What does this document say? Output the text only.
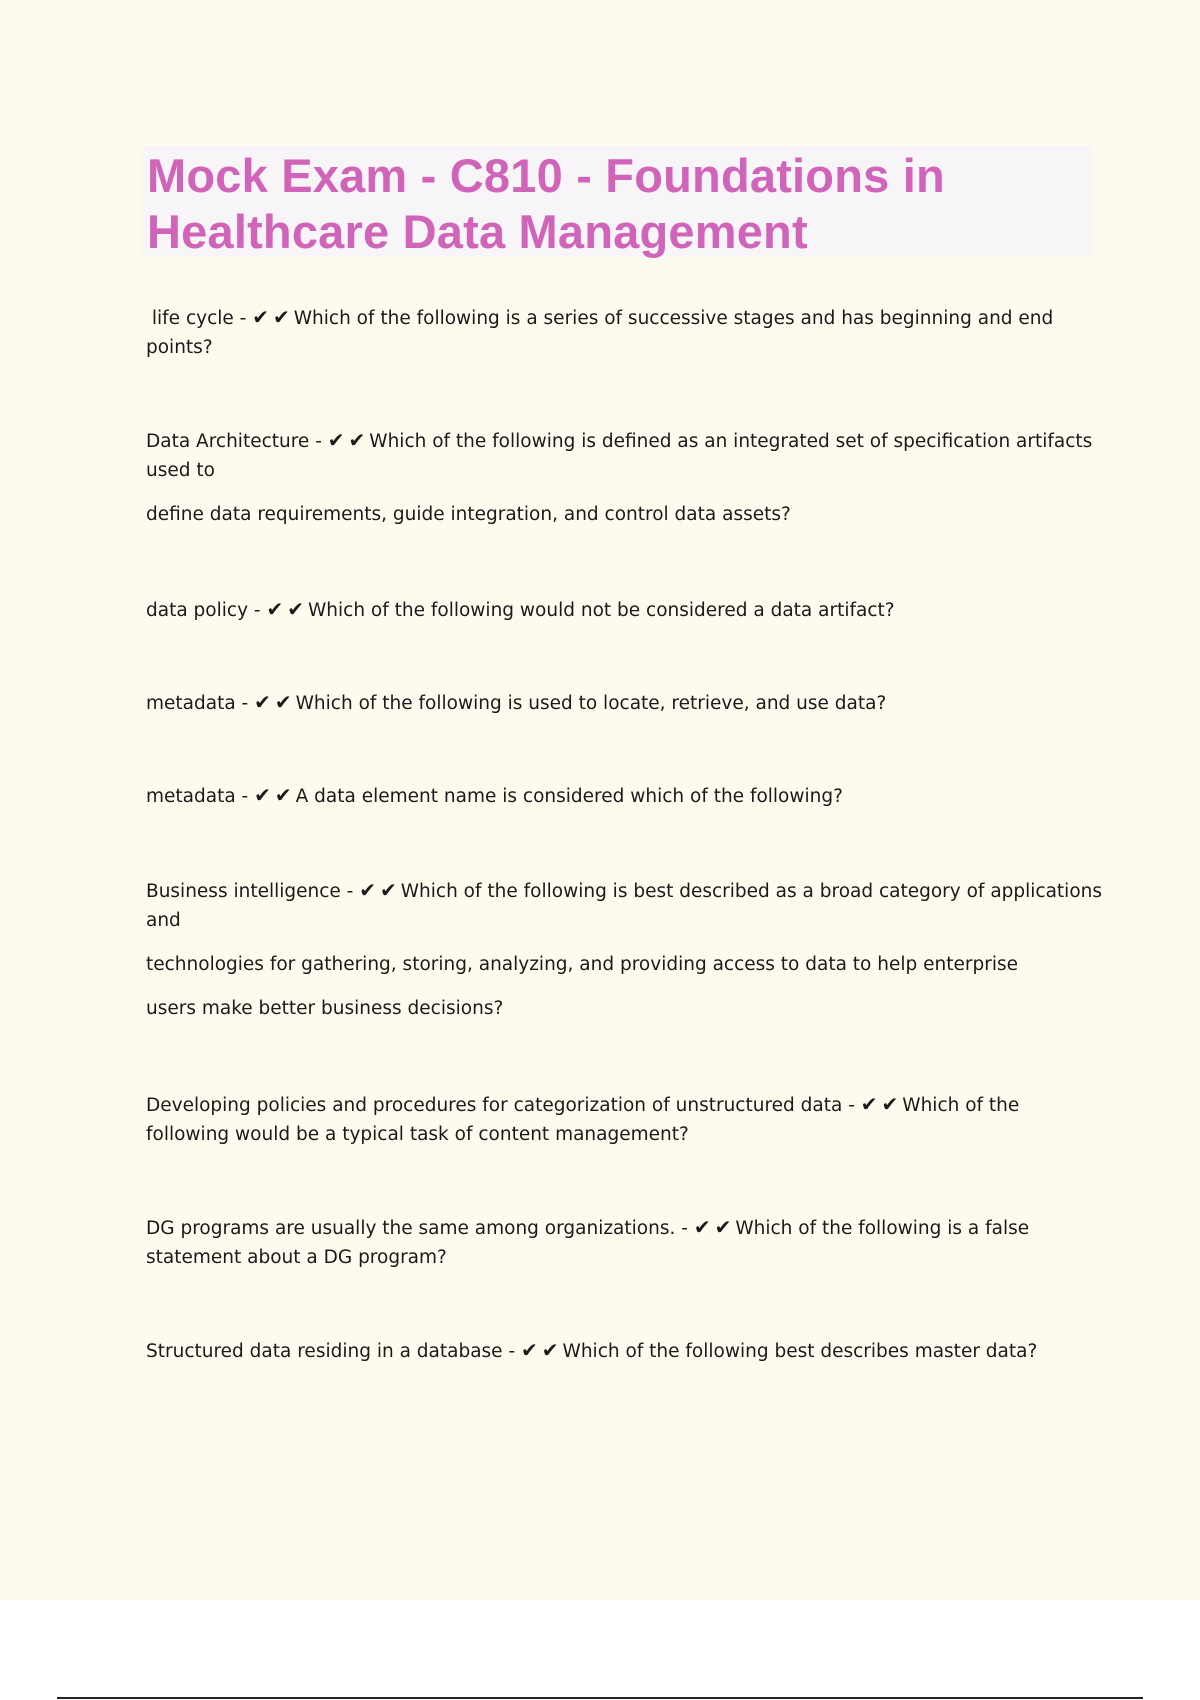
Mock Exam - C810 - Foundations in Healthcare Data Management
life cycle - ✔✔Which of the following is a series of successive stages and has beginning and end
points?
Data Architecture - ✔✔Which of the following is defined as an integrated set of specification artifacts
used to
define data requirements, guide integration, and control data assets?
data policy - ✔✔Which of the following would not be considered a data artifact?
metadata - ✔✔Which of the following is used to locate, retrieve, and use data?
metadata - ✔✔A data element name is considered which of the following?
Business intelligence - ✔✔Which of the following is best described as a broad category of applications
and
technologies for gathering, storing, analyzing, and providing access to data to help enterprise
users make better business decisions?
Developing policies and procedures for categorization of unstructured data - ✔✔Which of the
following would be a typical task of content management?
DG programs are usually the same among organizations. - ✔✔Which of the following is a false
statement about a DG program?
Structured data residing in a database - ✔✔Which of the following best describes master data?
